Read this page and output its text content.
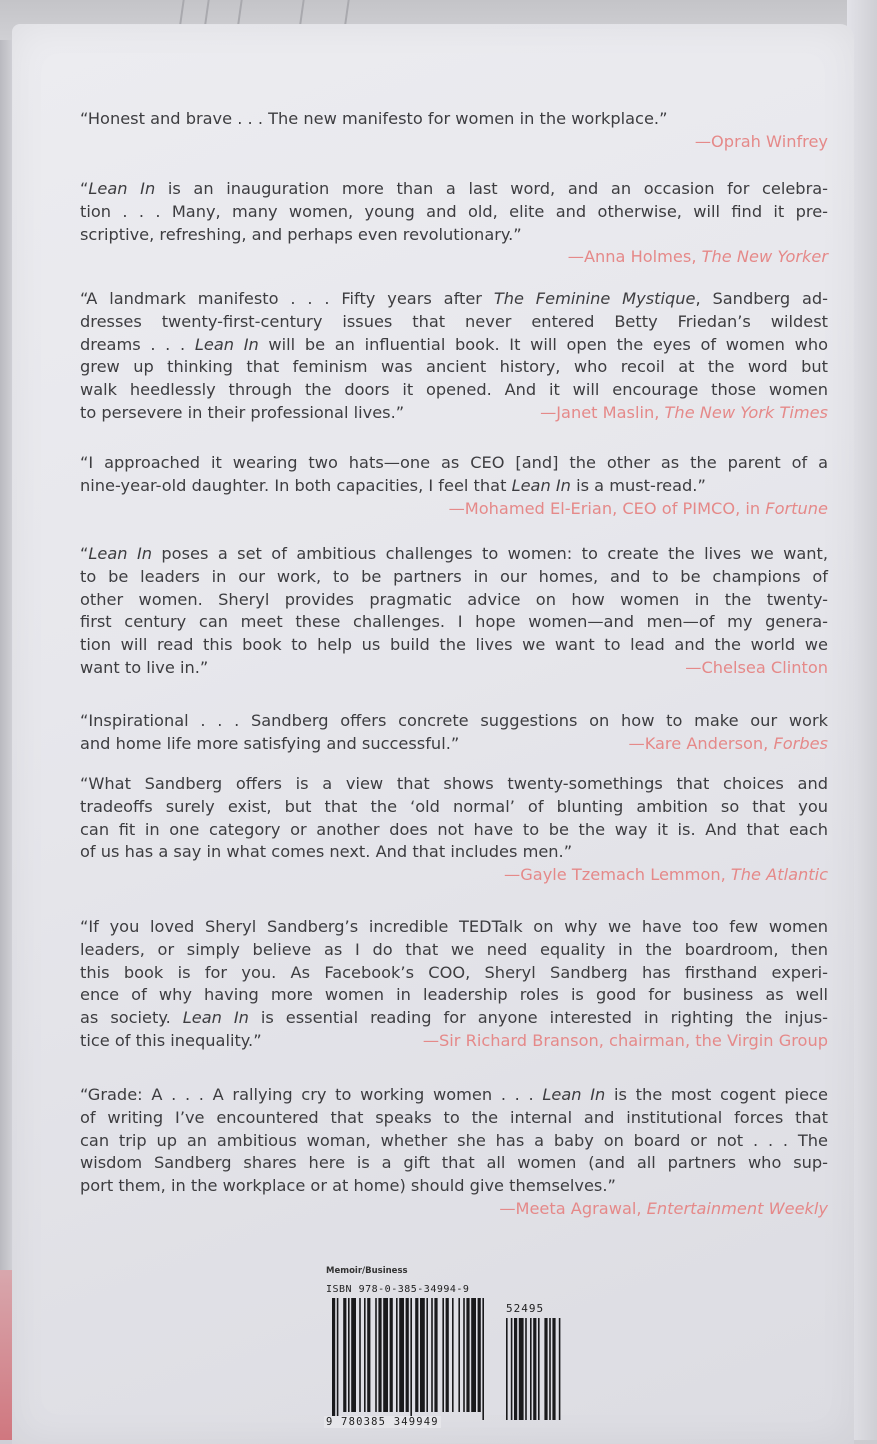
“Honest and brave . . . The new manifesto for women in the workplace.”
—Oprah Winfrey
“Lean In is an inauguration more than a last word, and an occasion for celebra-
tion . . . Many, many women, young and old, elite and otherwise, will find it pre-
scriptive, refreshing, and perhaps even revolutionary.”
—Anna Holmes, The New Yorker
“A landmark manifesto . . . Fifty years after The Feminine Mystique, Sandberg ad-
dresses twenty-first-century issues that never entered Betty Friedan’s wildest
dreams . . . Lean In will be an influential book. It will open the eyes of women who
grew up thinking that feminism was ancient history, who recoil at the word but
walk heedlessly through the doors it opened. And it will encourage those women
to persevere in their professional lives.”	—Janet Maslin, The New York Times
“I approached it wearing two hats—one as CEO [and] the other as the parent of a
nine-year-old daughter. In both capacities, I feel that Lean In is a must-read.”
—Mohamed El-Erian, CEO of PIMCO, in Fortune
“Lean In poses a set of ambitious challenges to women: to create the lives we want,
to be leaders in our work, to be partners in our homes, and to be champions of
other women. Sheryl provides pragmatic advice on how women in the twenty-
first century can meet these challenges. I hope women—and men—of my genera-
tion will read this book to help us build the lives we want to lead and the world we
want to live in.”	—Chelsea Clinton
“Inspirational . . . Sandberg offers concrete suggestions on how to make our work
and home life more satisfying and successful.”	—Kare Anderson, Forbes
“What Sandberg offers is a view that shows twenty-somethings that choices and
tradeoffs surely exist, but that the ‘old normal’ of blunting ambition so that you
can fit in one category or another does not have to be the way it is. And that each
of us has a say in what comes next. And that includes men.”
—Gayle Tzemach Lemmon, The Atlantic
“If you loved Sheryl Sandberg’s incredible TEDTalk on why we have too few women
leaders, or simply believe as I do that we need equality in the boardroom, then
this book is for you. As Facebook’s COO, Sheryl Sandberg has firsthand experi-
ence of why having more women in leadership roles is good for business as well
as society. Lean In is essential reading for anyone interested in righting the injus-
tice of this inequality.”	—Sir Richard Branson, chairman, the Virgin Group
“Grade: A . . . A rallying cry to working women . . . Lean In is the most cogent piece
of writing I’ve encountered that speaks to the internal and institutional forces that
can trip up an ambitious woman, whether she has a baby on board or not . . . The
wisdom Sandberg shares here is a gift that all women (and all partners who sup-
port them, in the workplace or at home) should give themselves.”
—Meeta Agrawal, Entertainment Weekly
Memoir/Business
ISBN 978-0-385-34994-9
52495
9 780385 349949
